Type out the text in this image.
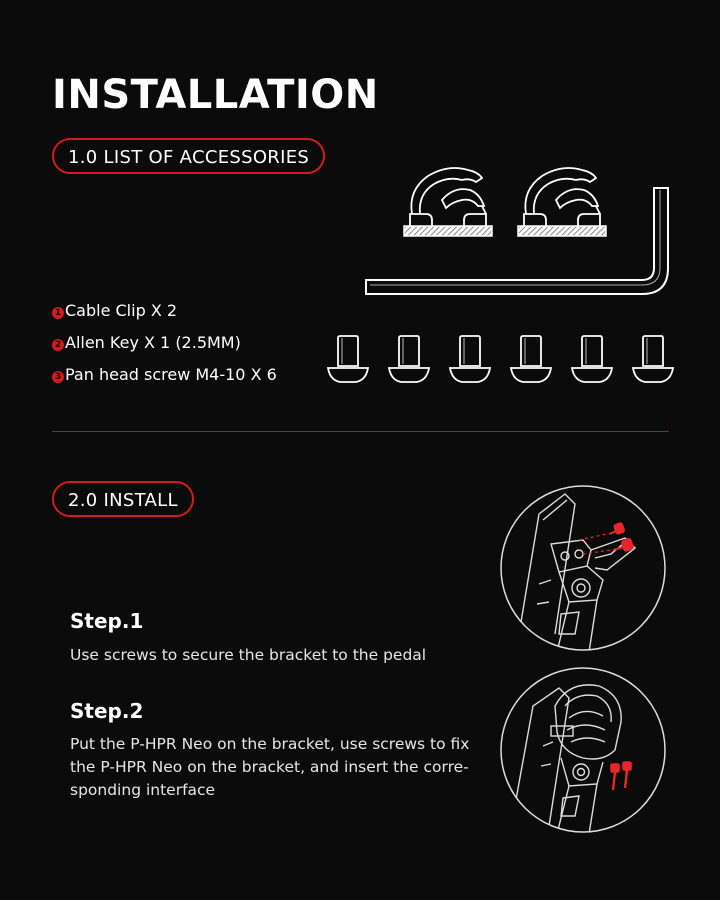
INSTALLATION
1.0 LIST OF ACCESSORIES
1 Cable Clip X 2
2 Allen Key X 1 (2.5MM)
3 Pan head screw M4-10 X 6
2.0 INSTALL
Step.1

Use screws to secure the bracket to the pedal

Step.2
Put the P-HPR Neo on the bracket, use screws to fix
the P-HPR Neo on the bracket, and insert the corre-
sponding interface
